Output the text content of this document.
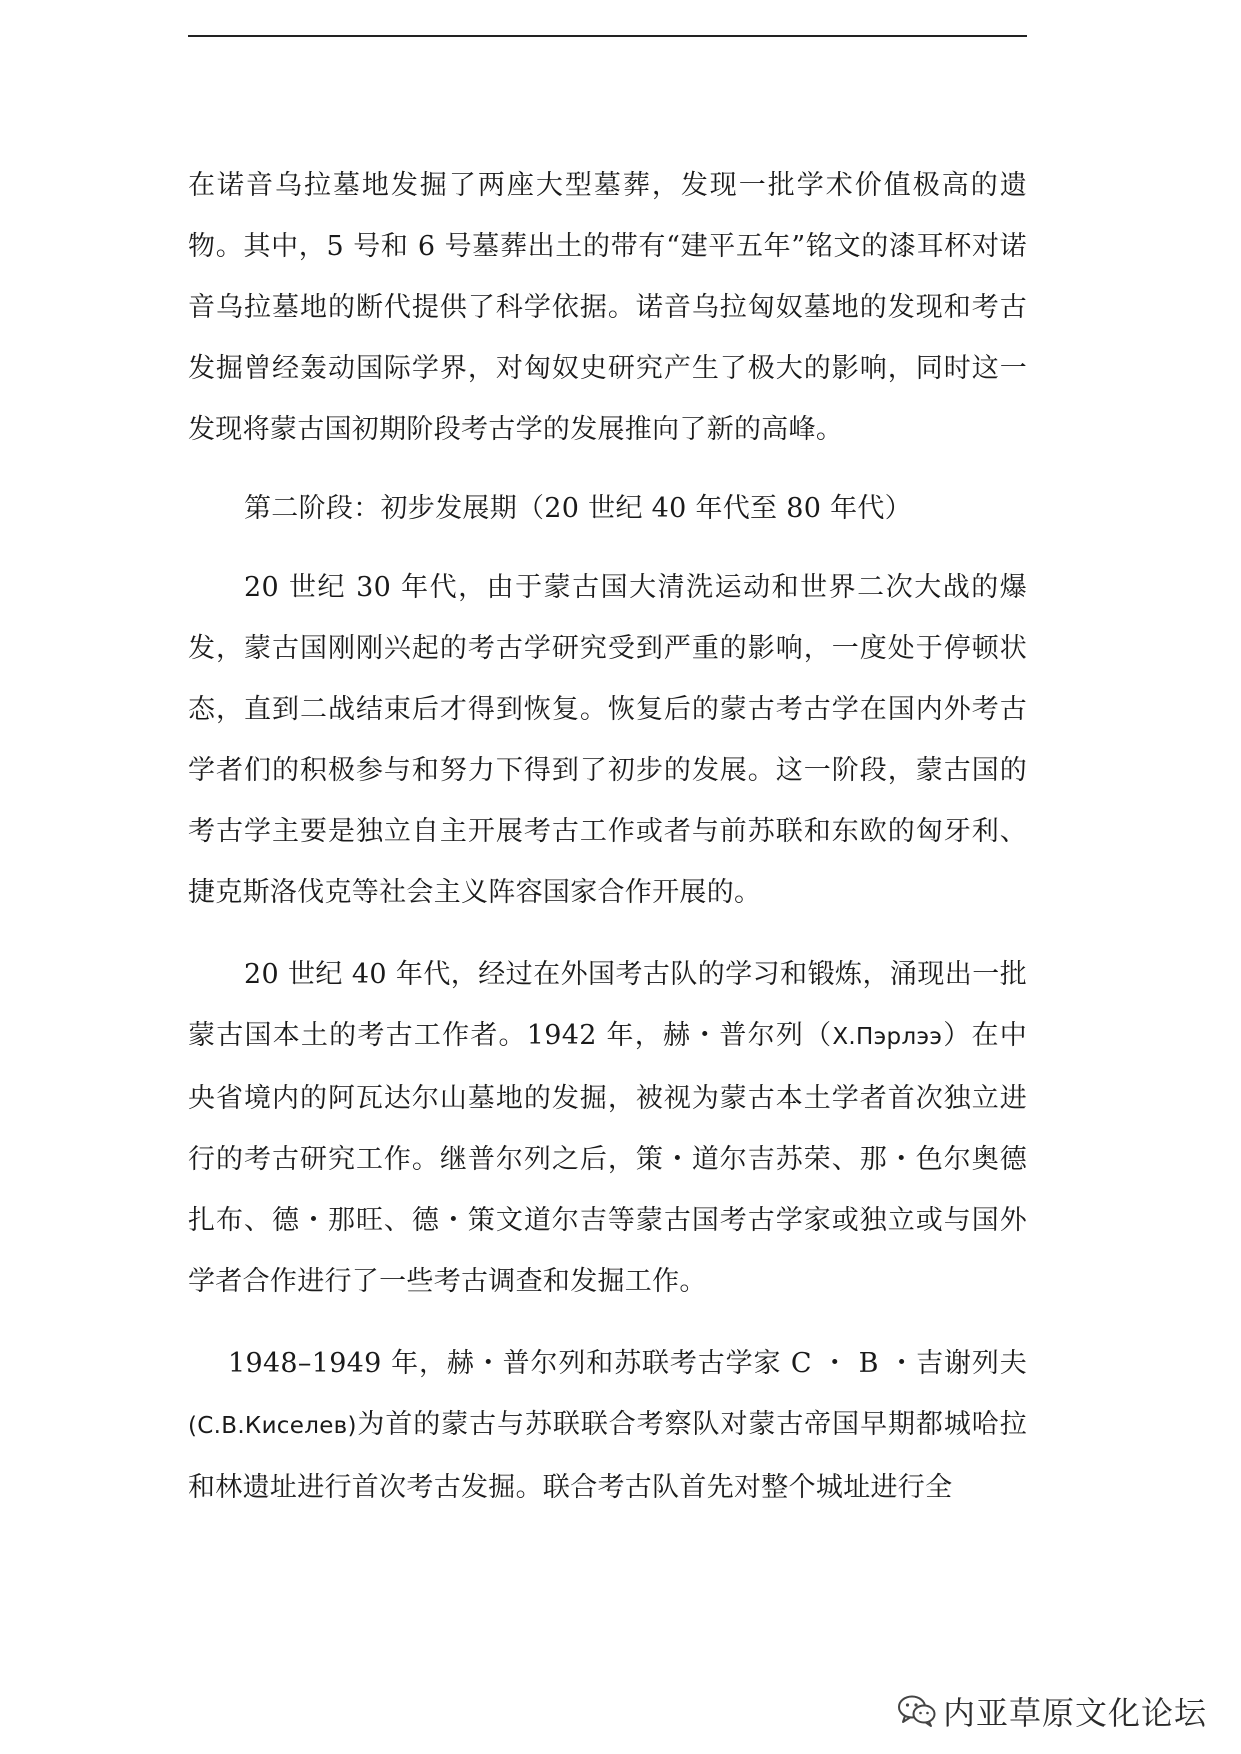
在诺音乌拉墓地发掘了两座大型墓葬，发现一批学术价值极高的遗物。其中，5 号和 6 号墓葬出土的带有“建平五年”铭文的漆耳杯对诺音乌拉墓地的断代提供了科学依据。诺音乌拉匈奴墓地的发现和考古发掘曾经轰动国际学界，对匈奴史研究产生了极大的影响，同时这一发现将蒙古国初期阶段考古学的发展推向了新的高峰。

第二阶段：初步发展期（20 世纪 40 年代至 80 年代）

20 世纪 30 年代，由于蒙古国大清洗运动和世界二次大战的爆发，蒙古国刚刚兴起的考古学研究受到严重的影响，一度处于停顿状态，直到二战结束后才得到恢复。恢复后的蒙古考古学在国内外考古学者们的积极参与和努力下得到了初步的发展。这一阶段，蒙古国的考古学主要是独立自主开展考古工作或者与前苏联和东欧的匈牙利、捷克斯洛伐克等社会主义阵容国家合作开展的。

20 世纪 40 年代，经过在外国考古队的学习和锻炼，涌现出一批蒙古国本土的考古工作者。1942 年，赫・普尔列（Х.Пэрлээ）在中央省境内的阿瓦达尔山墓地的发掘，被视为蒙古本土学者首次独立进行的考古研究工作。继普尔列之后，策・道尔吉苏荣、那・色尔奥德扎布、德・那旺、德・策文道尔吉等蒙古国考古学家或独立或与国外学者合作进行了一些考古调查和发掘工作。

1948–1949 年，赫・普尔列和苏联考古学家 С ・ В ・吉谢列夫(С.В.Киселев)为首的蒙古与苏联联合考察队对蒙古帝国早期都城哈拉和林遗址进行首次考古发掘。联合考古队首先对整个城址进行全

内亚草原文化论坛
